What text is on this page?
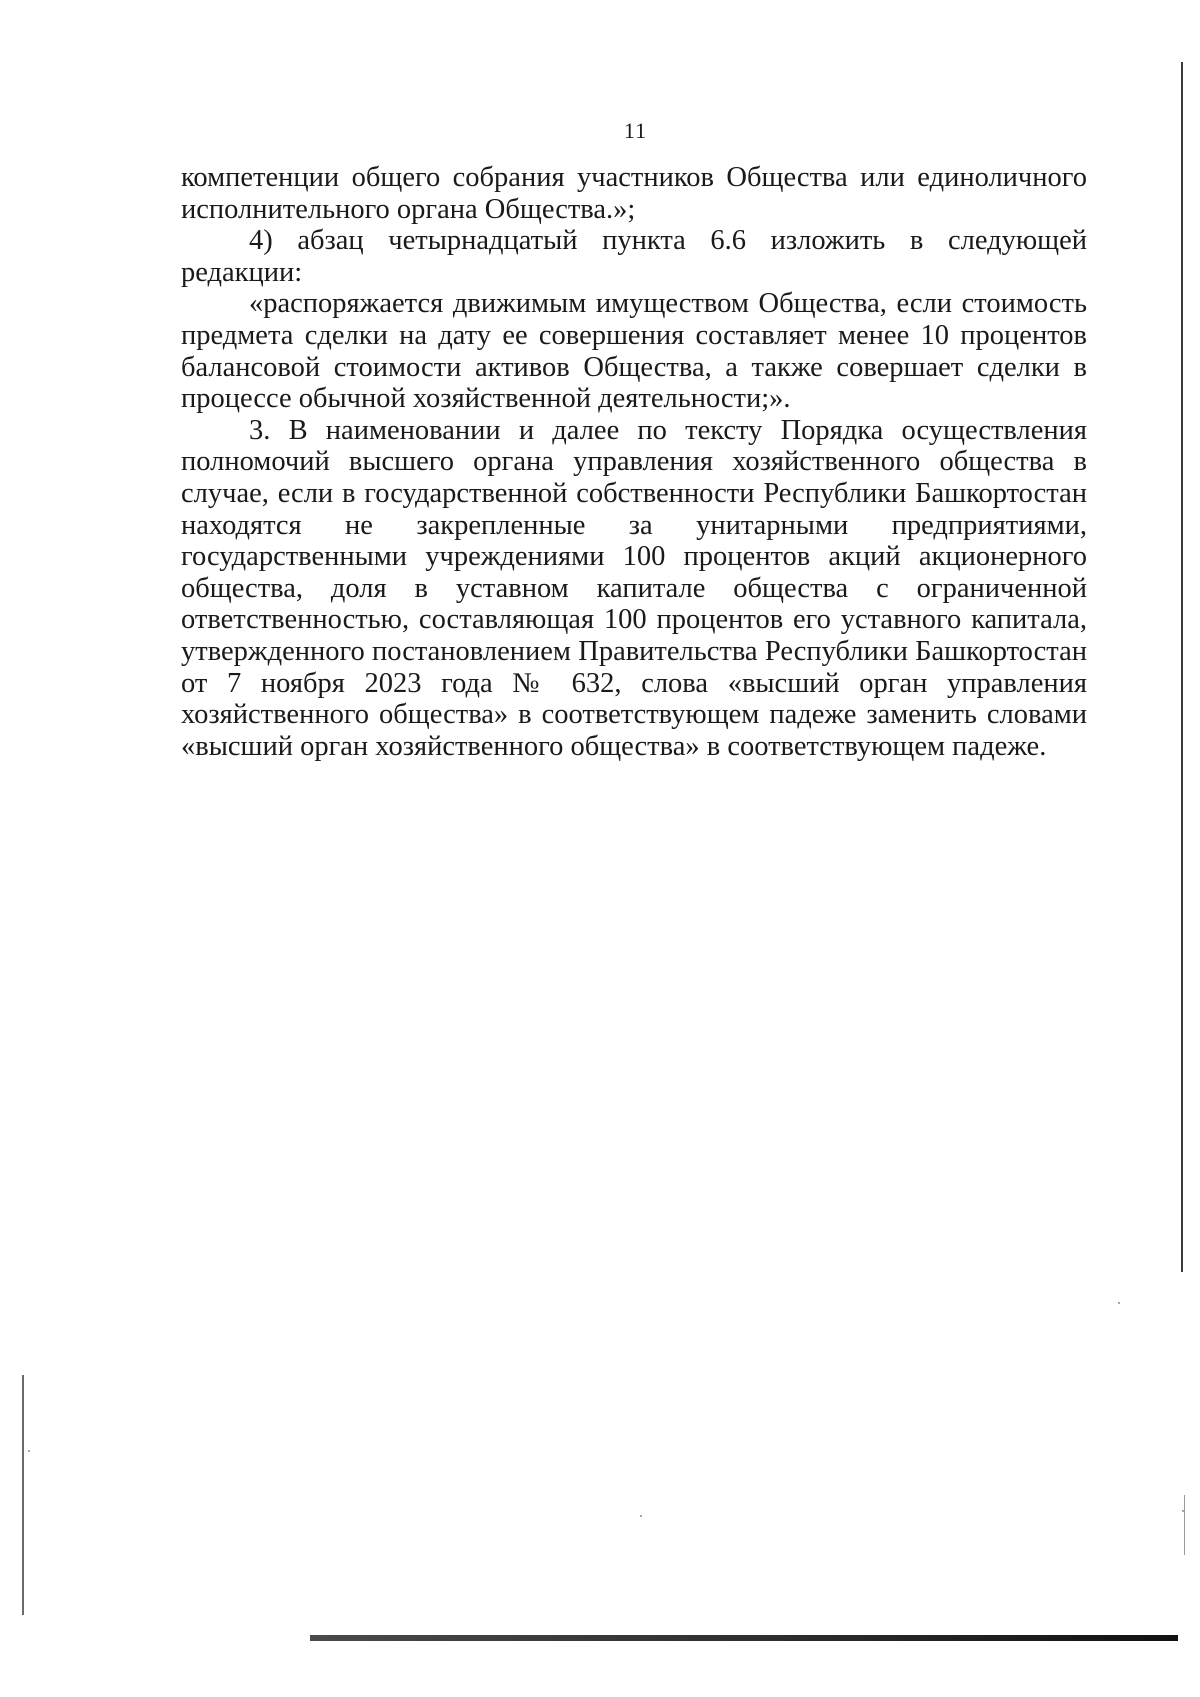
11

компетенции общего собрания участников Общества или единоличного исполнительного органа Общества.»;

4) абзац четырнадцатый пункта 6.6 изложить в следующей редакции:

«распоряжается движимым имуществом Общества, если стоимость предмета сделки на дату ее совершения составляет менее 10 процентов балансовой стоимости активов Общества, а также совершает сделки в процессе обычной хозяйственной деятельности;».

3. В наименовании и далее по тексту Порядка осуществления полномочий высшего органа управления хозяйственного общества в случае, если в государственной собственности Республики Башкортостан находятся не закрепленные за унитарными предприятиями, государственными учреждениями 100 процентов акций акционерного общества, доля в уставном капитале общества с ограниченной ответственностью, составляющая 100 процентов его уставного капитала, утвержденного постановлением Правительства Республики Башкортостан от 7 ноября 2023 года № 632, слова «высший орган управления хозяйственного общества» в соответствующем падеже заменить словами «высший орган хозяйственного общества» в соответствующем падеже.
